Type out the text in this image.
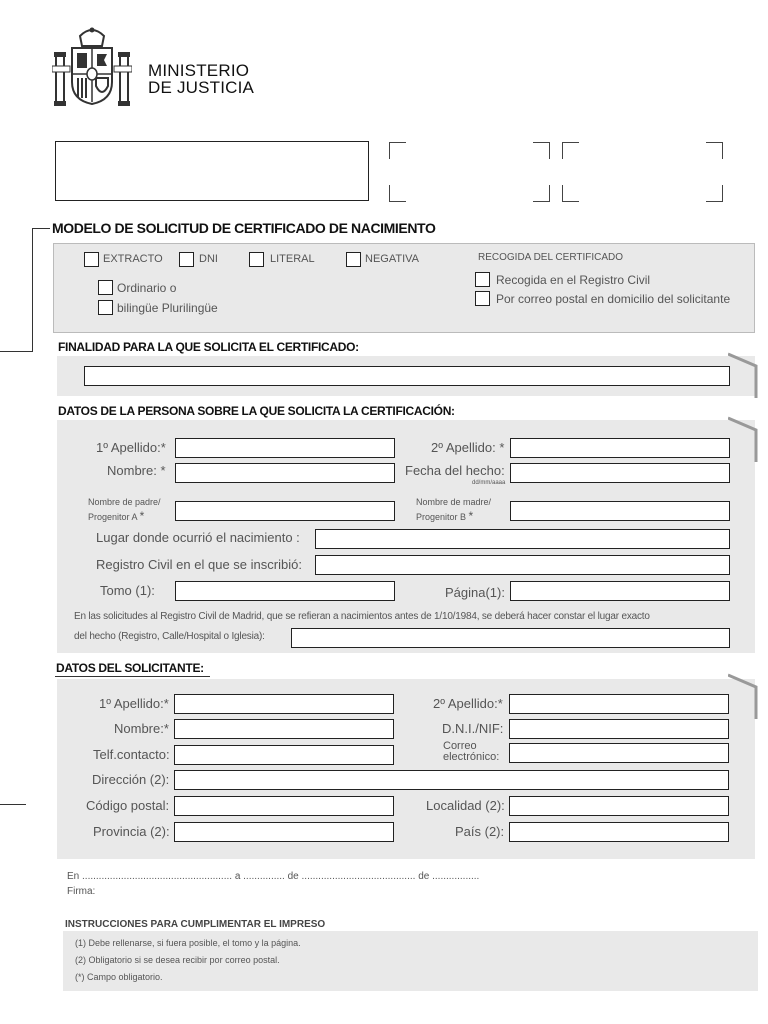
MINISTERIO
DE JUSTICIA
MODELO DE SOLICITUD DE CERTIFICADO DE NACIMIENTO
EXTRACTO	DNI	LITERAL	NEGATIVA
Ordinario o
bilingüe Plurilingüe
RECOGIDA DEL CERTIFICADO
Recogida en el Registro Civil
Por correo postal en domicilio del solicitante
FINALIDAD PARA LA QUE SOLICITA EL CERTIFICADO:
DATOS DE LA PERSONA SOBRE LA QUE SOLICITA LA CERTIFICACIÓN:
1º Apellido:*	2º Apellido: *
Nombre: *	Fecha del hecho:
dd/mm/aaaa
Nombre de padre/
Progenitor A *
Nombre de madre/
Progenitor B *
Lugar donde ocurrió el nacimiento :
Registro Civil en el que se inscribió:
Tomo (1):	Página(1):
En las solicitudes al Registro Civil de Madrid, que se refieran a nacimientos antes de 1/10/1984, se deberá hacer constar el lugar exacto
del hecho (Registro, Calle/Hospital o Iglesia):
DATOS DEL SOLICITANTE:
1º Apellido:*	2º Apellido:*
Nombre:*	D.N.I./NIF:
Telf.contacto:
Correo
electrónico:
Dirección (2):
Código postal:	Localidad (2):
Provincia (2):	País (2):
En ...................................................... a ............... de ......................................... de .................
Firma:
INSTRUCCIONES PARA CUMPLIMENTAR EL IMPRESO
(1) Debe rellenarse, si fuera posible, el tomo y la página.
(2) Obligatorio si se desea recibir por correo postal.
(*) Campo obligatorio.
